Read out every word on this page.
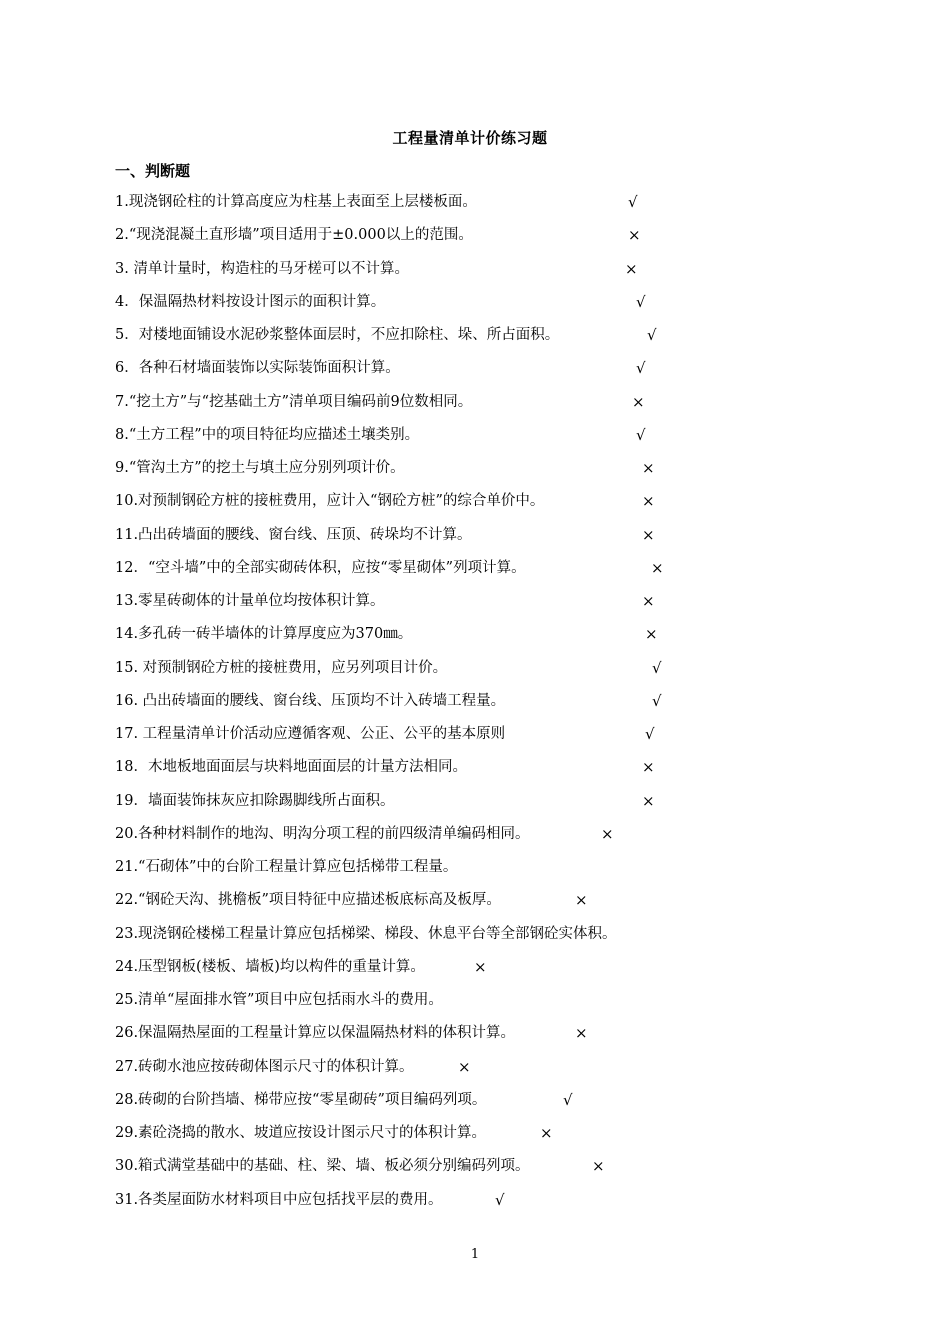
工程量清单计价练习题
一、判断题
1.现浇钢砼柱的计算高度应为柱基上表面至上层楼板面。	√
2.“现浇混凝土直形墙”项目适用于±0.000以上的范围。	×
3. 清单计量时，构造柱的马牙槎可以不计算。	×
4．保温隔热材料按设计图示的面积计算。	√
5．对楼地面铺设水泥砂浆整体面层时，不应扣除柱、垛、所占面积。	√
6．各种石材墙面装饰以实际装饰面积计算。	√
7.“挖土方”与“挖基础土方”清单项目编码前9位数相同。	×
8.“土方工程”中的项目特征均应描述土壤类别。	√
9.“管沟土方”的挖土与填土应分别列项计价。	×
10.对预制钢砼方桩的接桩费用，应计入“钢砼方桩”的综合单价中。	×
11.凸出砖墙面的腰线、窗台线、压顶、砖垛均不计算。	×
12．“空斗墙”中的全部实砌砖体积，应按“零星砌体”列项计算。	×
13.零星砖砌体的计量单位均按体积计算。	×
14.多孔砖一砖半墙体的计算厚度应为370㎜。	×
15. 对预制钢砼方桩的接桩费用，应另列项目计价。	√
16. 凸出砖墙面的腰线、窗台线、压顶均不计入砖墙工程量。	√
17. 工程量清单计价活动应遵循客观、公正、公平的基本原则	√
18．木地板地面面层与块料地面面层的计量方法相同。	×
19．墙面装饰抹灰应扣除踢脚线所占面积。	×
20.各种材料制作的地沟、明沟分项工程的前四级清单编码相同。	×
21.“石砌体”中的台阶工程量计算应包括梯带工程量。
22.“钢砼天沟、挑檐板”项目特征中应描述板底标高及板厚。	×
23.现浇钢砼楼梯工程量计算应包括梯梁、梯段、休息平台等全部钢砼实体积。
24.压型钢板(楼板、墙板)均以构件的重量计算。	×
25.清单“屋面排水管”项目中应包括雨水斗的费用。
26.保温隔热屋面的工程量计算应以保温隔热材料的体积计算。	×
27.砖砌水池应按砖砌体图示尺寸的体积计算。	×
28.砖砌的台阶挡墙、梯带应按“零星砌砖”项目编码列项。	√
29.素砼浇捣的散水、坡道应按设计图示尺寸的体积计算。	×
30.箱式满堂基础中的基础、柱、梁、墙、板必须分别编码列项。	×
31.各类屋面防水材料项目中应包括找平层的费用。	√
1
